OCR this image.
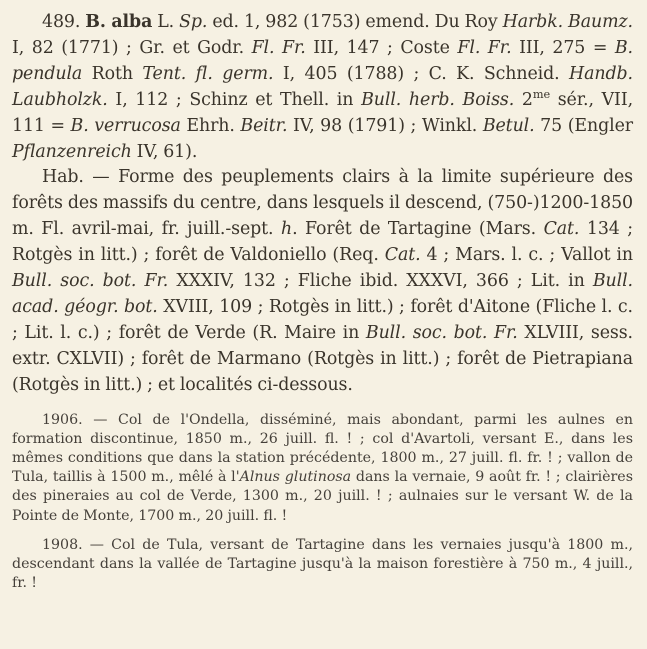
489. B. alba L. Sp. ed. 1, 982 (1753) emend. Du Roy Harbk. Baumz. I, 82 (1771) ; Gr. et Godr. Fl. Fr. III, 147 ; Coste Fl. Fr. III, 275 = B. pendula Roth Tent. fl. germ. I, 405 (1788) ; C. K. Schneid. Handb. Laubholzk. I, 112 ; Schinz et Thell. in Bull. herb. Boiss. $2^{me}$ sér., VII, 111 = B. verrucosa Ehrh. Beitr. IV, 98 (1791) ; Winkl. Betul. 75 (Engler Pflanzenreich IV, 61).

Hab. — Forme des peuplements clairs à la limite supérieure des forêts des massifs du centre, dans lesquels il descend, (750-)1200-1850 m. Fl. avril-mai, fr. juill.-sept. ℎ. Forêt de Tartagine (Mars. Cat. 134 ; Rotgès in litt.) ; forêt de Valdoniello (Req. Cat. 4 ; Mars. l. c. ; Vallot in Bull. soc. bot. Fr. XXXIV, 132 ; Fliche ibid. XXXVI, 366 ; Lit. in Bull. acad. géogr. bot. XVIII, 109 ; Rotgès in litt.) ; forêt d'Aitone (Fliche l. c. ; Lit. l. c.) ; forêt de Verde (R. Maire in Bull. soc. bot. Fr. XLVIII, sess. extr. CXLVII) ; forêt de Marmano (Rotgès in litt.) ; forêt de Pietrapiana (Rotgès in litt.) ; et localités ci-dessous.

1906. — Col de l'Ondella, disséminé, mais abondant, parmi les aulnes en formation discontinue, 1850 m., 26 juill. fl. ! ; col d'Avartoli, versant E., dans les mêmes conditions que dans la station précédente, 1800 m., 27 juill. fl. fr. ! ; vallon de Tula, taillis à 1500 m., mêlé à l'Alnus glutinosa dans la vernaie, 9 août fr. ! ; clairières des pineraies au col de Verde, 1300 m., 20 juill. ! ; aulnaies sur le versant W. de la Pointe de Monte, 1700 m., 20 juill. fl. !

1908. — Col de Tula, versant de Tartagine dans les vernaies jusqu'à 1800 m., descendant dans la vallée de Tartagine jusqu'à la maison forestière à 750 m., 4 juill., fr. !
